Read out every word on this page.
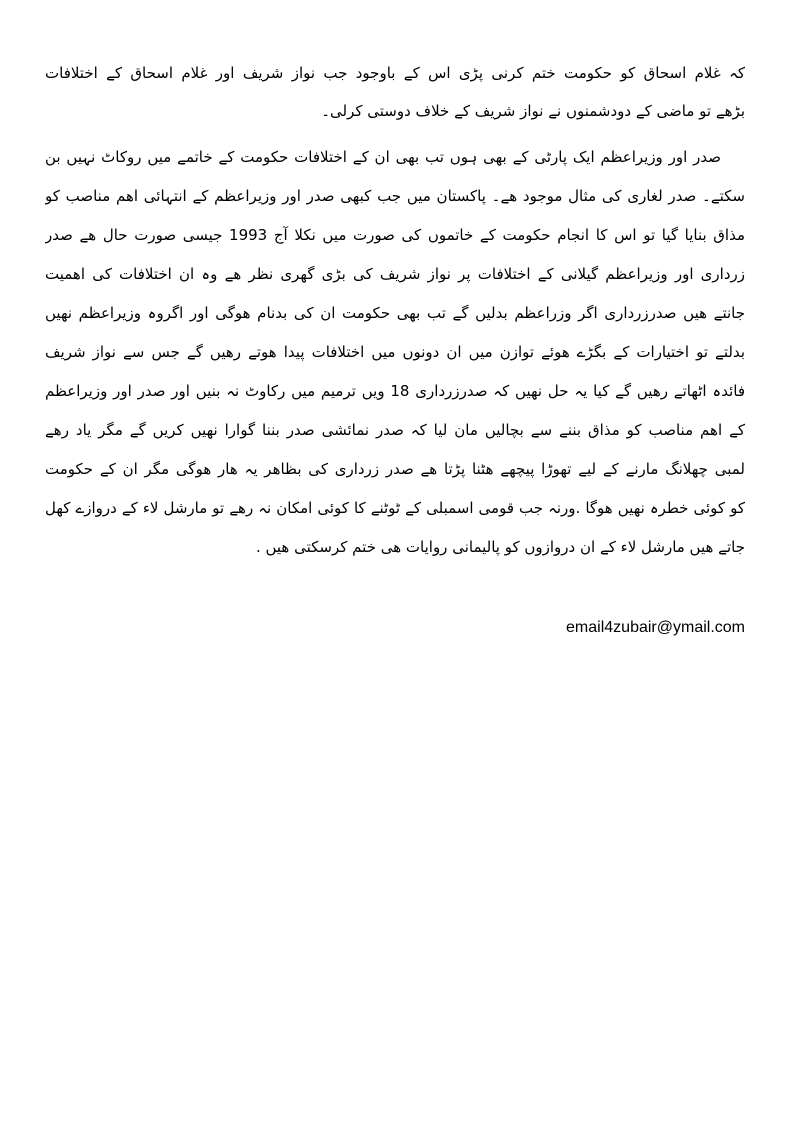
کہ غلام اسحاق کو حکومت ختم کرنی پڑی اس کے باوجود جب نواز شریف اور غلام اسحاق کے اختلافات
بڑھے تو ماضی کے دودشمنوں نے نواز شریف کے خلاف دوستی کرلی۔
صدر اور وزیراعظم ایک پارٹی کے بھی ہوں تب بھی ان کے اختلافات حکومت کے خاتمے میں روکاٹ نہیں بن
سکتے۔ صدر لغاری کی مثال موجود ھے۔ پاکستان میں جب کبھی صدر اور وزیراعظم کے انتہائی اھم مناصب کو
مذاق بنایا گیا تو اس کا انجام حکومت کے خاتموں کی صورت میں نکلا آج 1993 جیسی صورت حال ھے صدر
زرداری اور وزیراعظم گیلانی کے اختلافات پر نواز شریف کی بڑی گھری نظر ھے وہ ان اختلافات کی اھمیت
جانتے ھیں صدرزرداری اگر وزراعظم بدلیں گے تب بھی حکومت ان کی بدنام ھوگی اور اگروہ وزیراعظم نھیں
بدلتے تو اختیارات کے بگڑے ھوئے توازن میں ان دونوں میں اختلافات پیدا ھوتے رھیں گے جس سے نواز شریف
فائدہ اٹھاتے رھیں گے کیا یہ حل نھیں کہ صدرزرداری 18 ویں ترمیم میں رکاوٹ نہ بنیں اور صدر اور وزیراعظم
کے اھم مناصب کو مذاق بننے سے بچالیں مان لیا کہ صدر نمائشی صدر بننا گوارا نھیں کریں گے مگر یاد رھے
لمبی چھلانگ مارنے کے لیے تھوڑا پیچھے ھٹنا پڑتا ھے صدر زرداری کی بظاھر یہ ھار ھوگی مگر ان کے حکومت
کو کوئی خطرہ نھیں ھوگا .ورنہ جب قومی اسمبلی کے ٹوٹنے کا کوئی امکان نہ رھے تو مارشل لاء کے دروازے کھل
جاتے ھیں مارشل لاء کے ان دروازوں کو پالیمانی روایات ھی ختم کرسکتی ھیں .
email4zubair@ymail.com
